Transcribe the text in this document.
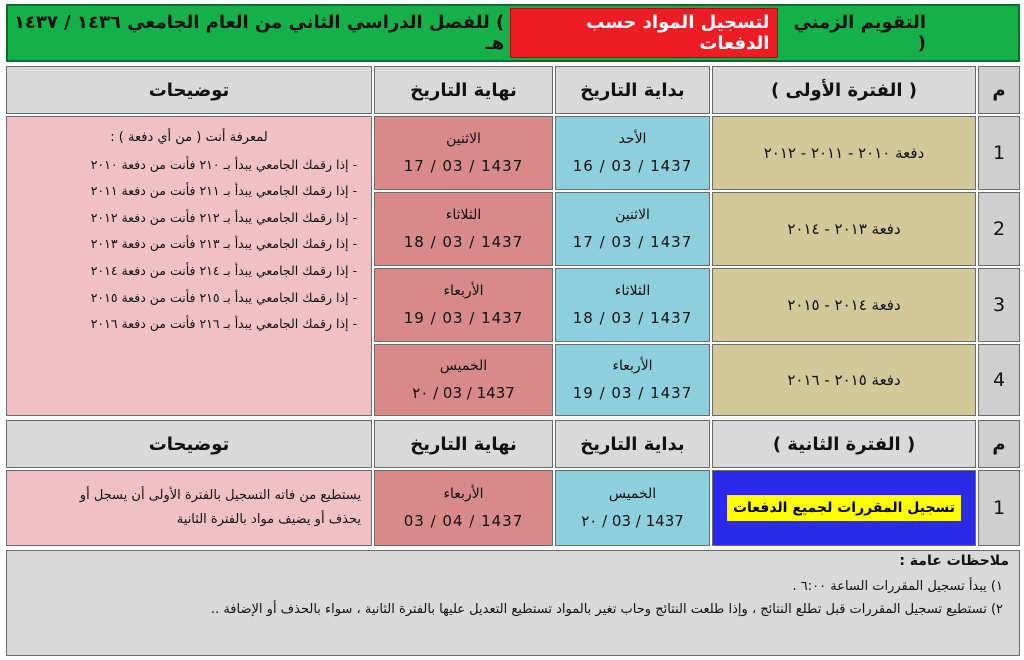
التقويم الزمني (
لتسجيل المواد حسب الدفعات
) للفصل الدراسي الثاني من العام الجامعي ١٤٣٦ / ١٤٣٧ هـ
م
( الفترة الأولى )
بداية التاريخ
نهاية التاريخ
توضيحات
1
دفعة ٢٠١٠ - ٢٠١١ - ٢٠١٢
الأحد
16 / 03 / 1437
الاثنين
17 / 03 / 1437
2
دفعة ٢٠١٣ - ٢٠١٤
الاثنين
17 / 03 / 1437
الثلاثاء
18 / 03 / 1437
3
دفعة ٢٠١٤ - ٢٠١٥
الثلاثاء
18 / 03 / 1437
الأربعاء
19 / 03 / 1437
4
دفعة ٢٠١٥ - ٢٠١٦
الأربعاء
19 / 03 / 1437
الخميس
٢٠ / 03 / 1437
لمعرفة أنت ( من أي دفعة ) :
- إذا رقمك الجامعي يبدأ بـ ٢١٠ فأنت من دفعة ٢٠١٠
- إذا رقمك الجامعي يبدأ بـ ٢١١ فأنت من دفعة ٢٠١١
- إذا رقمك الجامعي يبدأ بـ ٢١٢ فأنت من دفعة ٢٠١٢
- إذا رقمك الجامعي يبدأ بـ ٢١٣ فأنت من دفعة ٢٠١٣
- إذا رقمك الجامعي يبدأ بـ ٢١٤ فأنت من دفعة ٢٠١٤
- إذا رقمك الجامعي يبدأ بـ ٢١٥ فأنت من دفعة ٢٠١٥
- إذا رقمك الجامعي يبدأ بـ ٢١٦ فأنت من دفعة ٢٠١٦
م
( الفترة الثانية )
بداية التاريخ
نهاية التاريخ
توضيحات
1
تسجيل المقررات لجميع الدفعات
الخميس
٢٠ / 03 / 1437
الأربعاء
03 / 04 / 1437
يستطيع من فاته التسجيل بالفترة الأولى أن يسجل أو
يحذف أو يضيف مواد بالفترة الثانية
ملاحظات عامة :
١) يبدأ تسجيل المقررات الساعة ٦:٠٠ .
٢) تستطيع تسجيل المقررات قبل تطلع النتائج ، وإذا طلعت النتائج وحاب تغير بالمواد تستطيع التعديل عليها بالفترة الثانية ، سواء بالحذف أو الإضافة ..
